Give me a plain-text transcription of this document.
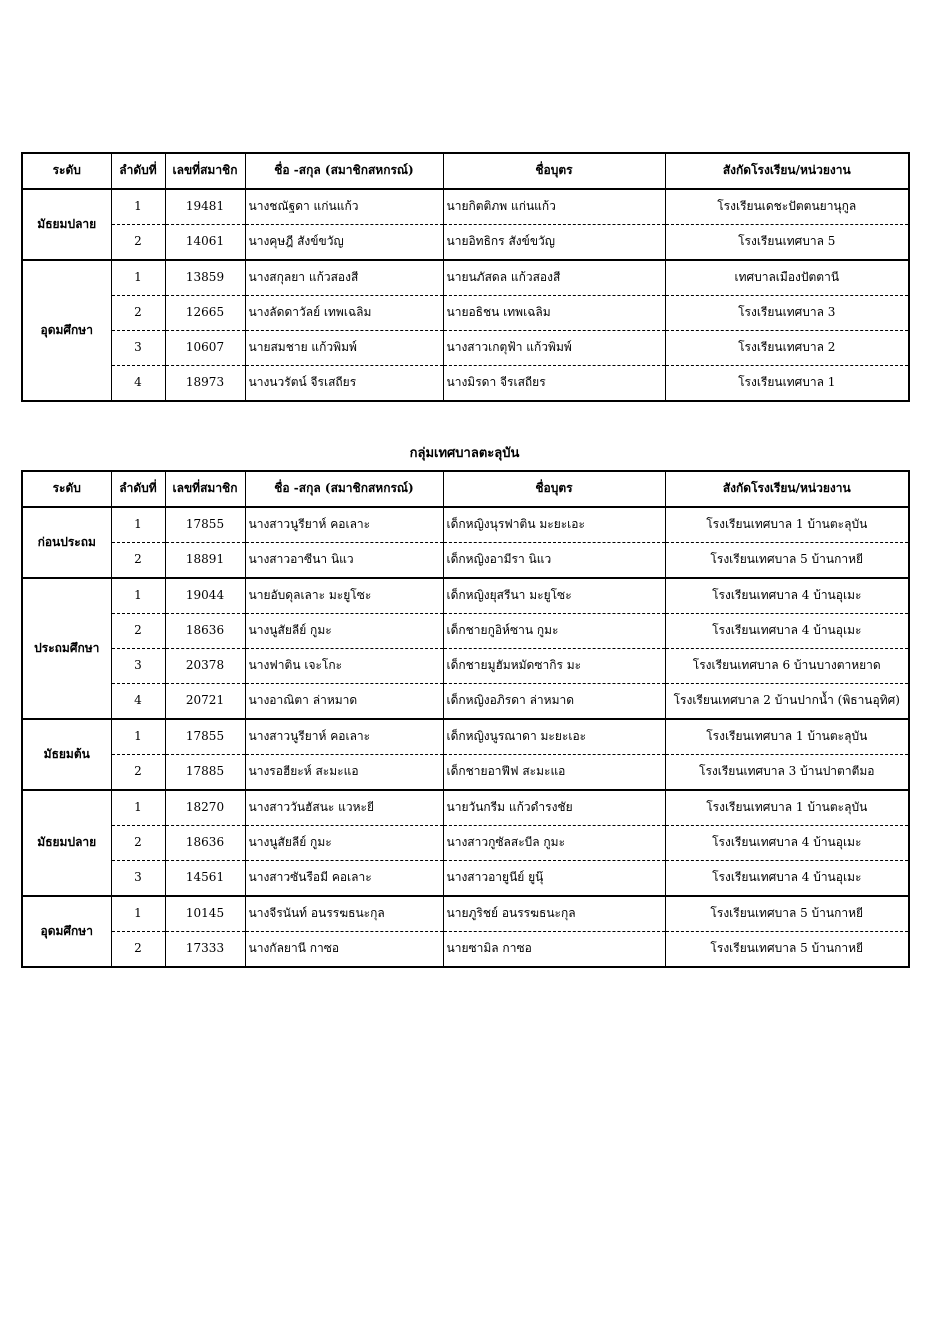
ระดับ	ลำดับที่	เลขที่สมาชิก	ชื่อ -สกุล (สมาชิกสหกรณ์)	ชื่อบุตร	สังกัดโรงเรียน/หน่วยงาน
มัธยมปลาย	1	19481	นางชณัฐดา แก่นแก้ว	นายกิตติภพ แก่นแก้ว	โรงเรียนเดชะปัตตนยานุกูล
	2	14061	นางคุษฎี สังข์ขวัญ	นายอิทธิกร สังข์ขวัญ	โรงเรียนเทศบาล 5
อุดมศึกษา	1	13859	นางสกุลยา แก้วสองสี	นายนภัสดล แก้วสองสี	เทศบาลเมืองปัตตานี
	2	12665	นางลัดดาวัลย์ เทพเฉลิม	นายอธิชน เทพเฉลิม	โรงเรียนเทศบาล 3
	3	10607	นายสมชาย แก้วพิมพ์	นางสาวเกตุฟ้า แก้วพิมพ์	โรงเรียนเทศบาล 2
	4	18973	นางนวรัตน์ จีรเสถียร	นางมิรดา จีรเสถียร	โรงเรียนเทศบาล 1
กลุ่มเทศบาลตะลุบัน
ระดับ	ลำดับที่	เลขที่สมาชิก	ชื่อ -สกุล (สมาชิกสหกรณ์)	ชื่อบุตร	สังกัดโรงเรียน/หน่วยงาน
ก่อนประถม	1	17855	นางสาวนูรียาห์ คอเลาะ	เด็กหญิงนุรฟาติน มะยะเอะ	โรงเรียนเทศบาล 1 บ้านตะลุบัน
	2	18891	นางสาวอาซีนา นิแว	เด็กหญิงอามีรา นิแว	โรงเรียนเทศบาล 5 บ้านกาหยี
ประถมศึกษา	1	19044	นายอับดุลเลาะ มะยูโซะ	เด็กหญิงยุสรีนา มะยูโซะ	โรงเรียนเทศบาล 4 บ้านอุเมะ
	2	18636	นางนูสัยลีย์ กูมะ	เด็กชายกูอิห์ซาน กูมะ	โรงเรียนเทศบาล 4 บ้านอุเมะ
	3	20378	นางฟาติน เจะโกะ	เด็กชายมูฮัมหมัดซากิร มะ	โรงเรียนเทศบาล 6 บ้านบางตาหยาด
	4	20721	นางอาณิตา ล่าหมาด	เด็กหญิงอภิรดา ล่าหมาด	โรงเรียนเทศบาล 2 บ้านปากน้ำ (พิธานอุทิศ)
มัธยมต้น	1	17855	นางสาวนูรียาห์ คอเลาะ	เด็กหญิงนูรณาดา มะยะเอะ	โรงเรียนเทศบาล 1 บ้านตะลุบัน
	2	17885	นางรอฮียะห์ สะมะแอ	เด็กชายอาฟีฟ สะมะแอ	โรงเรียนเทศบาล 3 บ้านปาตาตีมอ
มัธยมปลาย	1	18270	นางสาววันฮัสนะ แวหะยี	นายวันกรีม แก้วดำรงชัย	โรงเรียนเทศบาล 1 บ้านตะลุบัน
	2	18636	นางนูสัยลีย์ กูมะ	นางสาวกูซัลสะบีล กูมะ	โรงเรียนเทศบาล 4 บ้านอุเมะ
	3	14561	นางสาวซันรือมี คอเลาะ	นางสาวอายูนีย์ ยูนุ๊	โรงเรียนเทศบาล 4 บ้านอุเมะ
อุดมศึกษา	1	10145	นางจีรนันท์ อนรรฆธนะกุล	นายภูริชย์ อนรรฆธนะกุล	โรงเรียนเทศบาล 5 บ้านกาหยี
	2	17333	นางกัลยานี กาซอ	นายซามิล กาซอ	โรงเรียนเทศบาล 5 บ้านกาหยี
